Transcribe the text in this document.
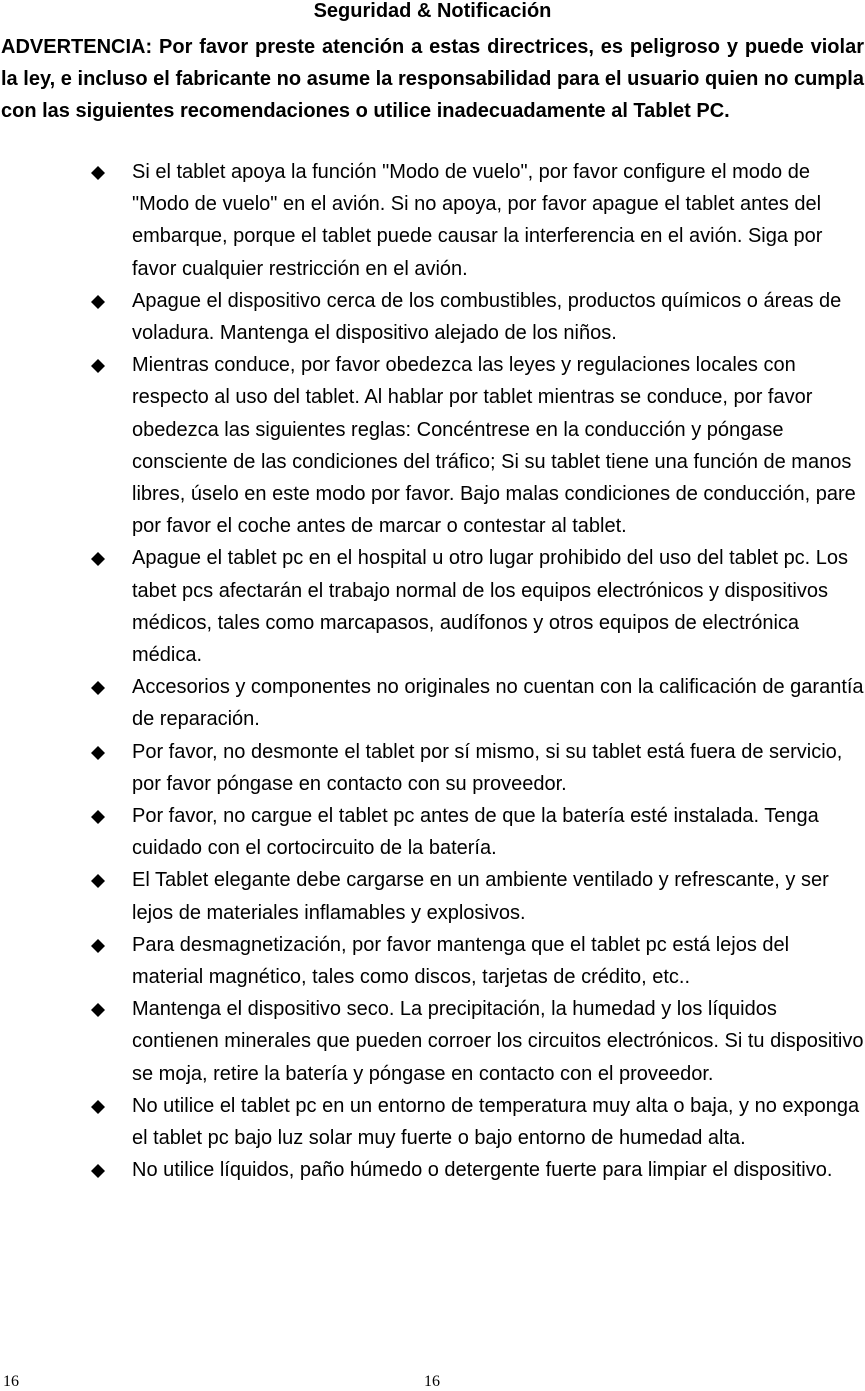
Seguridad & Notificación

ADVERTENCIA: Por favor preste atención a estas directrices, es peligroso y puede violar la ley, e incluso el fabricante no asume la responsabilidad para el usuario quien no cumpla con las siguientes recomendaciones o utilice inadecuadamente al Tablet PC.

Si el tablet apoya la función "Modo de vuelo", por favor configure el modo de "Modo de vuelo" en el avión. Si no apoya, por favor apague el tablet antes del embarque, porque el tablet puede causar la interferencia en el avión. Siga por favor cualquier restricción en el avión.
Apague el dispositivo cerca de los combustibles, productos químicos o áreas de voladura. Mantenga el dispositivo alejado de los niños.
Mientras conduce, por favor obedezca las leyes y regulaciones locales con respecto al uso del tablet. Al hablar por tablet mientras se conduce, por favor obedezca las siguientes reglas: Concéntrese en la conducción y póngase consciente de las condiciones del tráfico; Si su tablet tiene una función de manos libres, úselo en este modo por favor. Bajo malas condiciones de conducción, pare por favor el coche antes de marcar o contestar al tablet.
Apague el tablet pc en el hospital u otro lugar prohibido del uso del tablet pc. Los tabet pcs afectarán el trabajo normal de los equipos electrónicos y dispositivos médicos, tales como marcapasos, audífonos y otros equipos de electrónica médica.
Accesorios y componentes no originales no cuentan con la calificación de garantía de reparación.
Por favor, no desmonte el tablet por sí mismo, si su tablet está fuera de servicio, por favor póngase en contacto con su proveedor.
Por favor, no cargue el tablet pc antes de que la batería esté instalada. Tenga cuidado con el cortocircuito de la batería.
El Tablet elegante debe cargarse en un ambiente ventilado y refrescante, y ser lejos de materiales inflamables y explosivos.
Para desmagnetización, por favor mantenga que el tablet pc está lejos del material magnético, tales como discos, tarjetas de crédito, etc..
Mantenga el dispositivo seco. La precipitación, la humedad y los líquidos contienen minerales que pueden corroer los circuitos electrónicos. Si tu dispositivo se moja, retire la batería y póngase en contacto con el proveedor.
No utilice el tablet pc en un entorno de temperatura muy alta o baja, y no exponga el tablet pc bajo luz solar muy fuerte o bajo entorno de humedad alta.
No utilice líquidos, paño húmedo o detergente fuerte para limpiar el dispositivo.
16	16
